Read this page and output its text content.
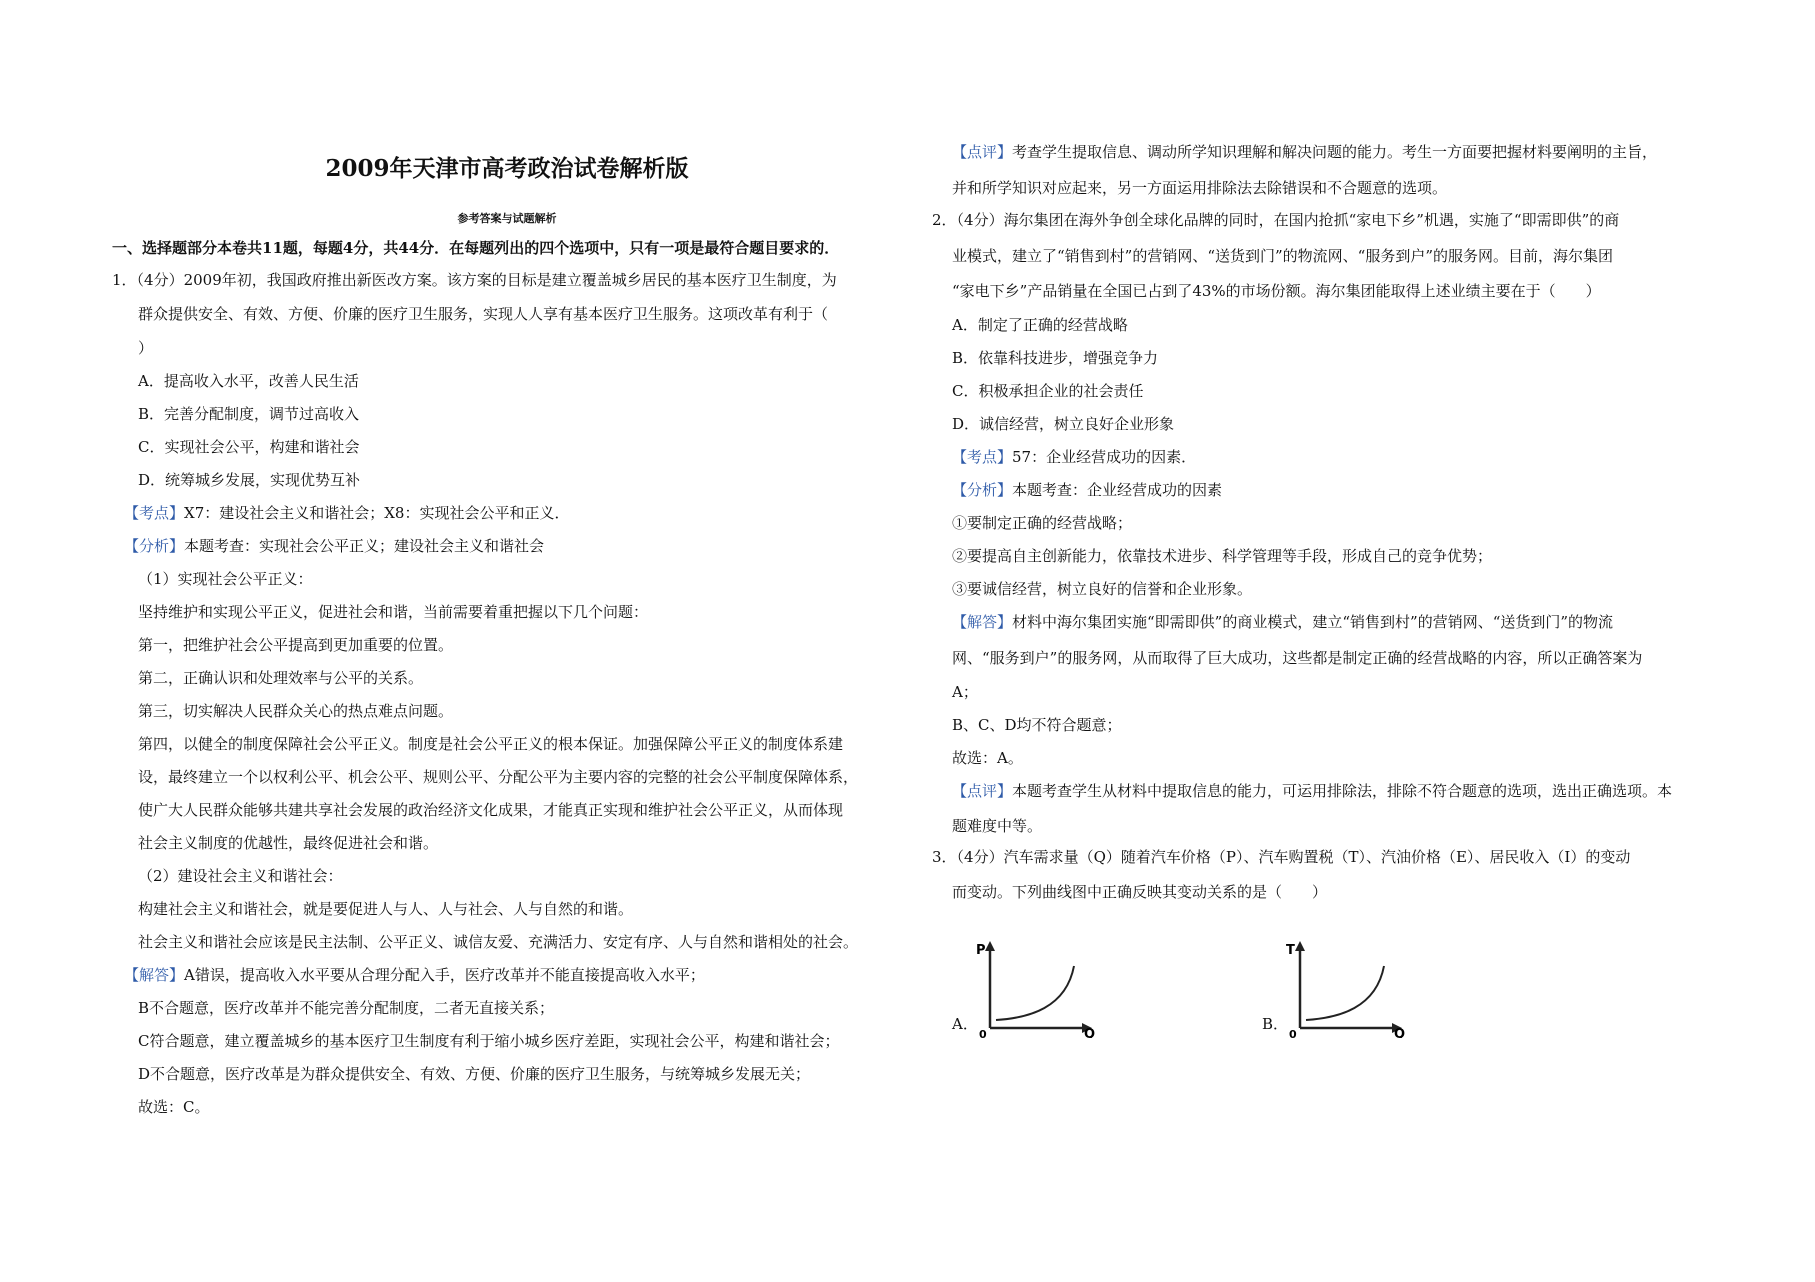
2009年天津市高考政治试卷解析版
参考答案与试题解析
一、选择题部分本卷共11题，每题4分，共44分．在每题列出的四个选项中，只有一项是最符合题目要求的．
1．（4分）2009年初，我国政府推出新医改方案。该方案的目标是建立覆盖城乡居民的基本医疗卫生制度，为
群众提供安全、有效、方便、价廉的医疗卫生服务，实现人人享有基本医疗卫生服务。这项改革有利于（
）
A．提高收入水平，改善人民生活
B．完善分配制度，调节过高收入
C．实现社会公平，构建和谐社会
D．统筹城乡发展，实现优势互补
【考点】X7：建设社会主义和谐社会；X8：实现社会公平和正义．
【分析】本题考查：实现社会公平正义；建设社会主义和谐社会
（1）实现社会公平正义：
坚持维护和实现公平正义，促进社会和谐，当前需要着重把握以下几个问题：
第一，把维护社会公平提高到更加重要的位置。
第二，正确认识和处理效率与公平的关系。
第三，切实解决人民群众关心的热点难点问题。
第四，以健全的制度保障社会公平正义。制度是社会公平正义的根本保证。加强保障公平正义的制度体系建
设，最终建立一个以权利公平、机会公平、规则公平、分配公平为主要内容的完整的社会公平制度保障体系，
使广大人民群众能够共建共享社会发展的政治经济文化成果，才能真正实现和维护社会公平正义，从而体现
社会主义制度的优越性，最终促进社会和谐。
（2）建设社会主义和谐社会：
构建社会主义和谐社会，就是要促进人与人、人与社会、人与自然的和谐。
社会主义和谐社会应该是民主法制、公平正义、诚信友爱、充满活力、安定有序、人与自然和谐相处的社会。
【解答】A错误，提高收入水平要从合理分配入手，医疗改革并不能直接提高收入水平；
B不合题意，医疗改革并不能完善分配制度，二者无直接关系；
C符合题意，建立覆盖城乡的基本医疗卫生制度有利于缩小城乡医疗差距，实现社会公平，构建和谐社会；
D不合题意，医疗改革是为群众提供安全、有效、方便、价廉的医疗卫生服务，与统筹城乡发展无关；
故选：C。
【点评】考查学生提取信息、调动所学知识理解和解决问题的能力。考生一方面要把握材料要阐明的主旨，
并和所学知识对应起来，另一方面运用排除法去除错误和不合题意的选项。
2．（4分）海尔集团在海外争创全球化品牌的同时，在国内抢抓“家电下乡”机遇，实施了“即需即供”的商
业模式，建立了“销售到村”的营销网、“送货到门”的物流网、“服务到户”的服务网。目前，海尔集团
“家电下乡”产品销量在全国已占到了43%的市场份额。海尔集团能取得上述业绩主要在于（　　）
A．制定了正确的经营战略
B．依靠科技进步，增强竞争力
C．积极承担企业的社会责任
D．诚信经营，树立良好企业形象
【考点】57：企业经营成功的因素．
【分析】本题考查：企业经营成功的因素
①要制定正确的经营战略；
②要提高自主创新能力，依靠技术进步、科学管理等手段，形成自己的竞争优势；
③要诚信经营，树立良好的信誉和企业形象。
【解答】材料中海尔集团实施“即需即供”的商业模式，建立“销售到村”的营销网、“送货到门”的物流
网、“服务到户”的服务网，从而取得了巨大成功，这些都是制定正确的经营战略的内容，所以正确答案为
A；
B、C、D均不符合题意；
故选：A。
【点评】本题考查学生从材料中提取信息的能力，可运用排除法，排除不符合题意的选项，选出正确选项。本
题难度中等。
3．（4分）汽车需求量（Q）随着汽车价格（P）、汽车购置税（T）、汽油价格（E）、居民收入（I）的变动
而变动。下列曲线图中正确反映其变动关系的是（　　）
A．
P
0	Q
B．
T
0	Q
